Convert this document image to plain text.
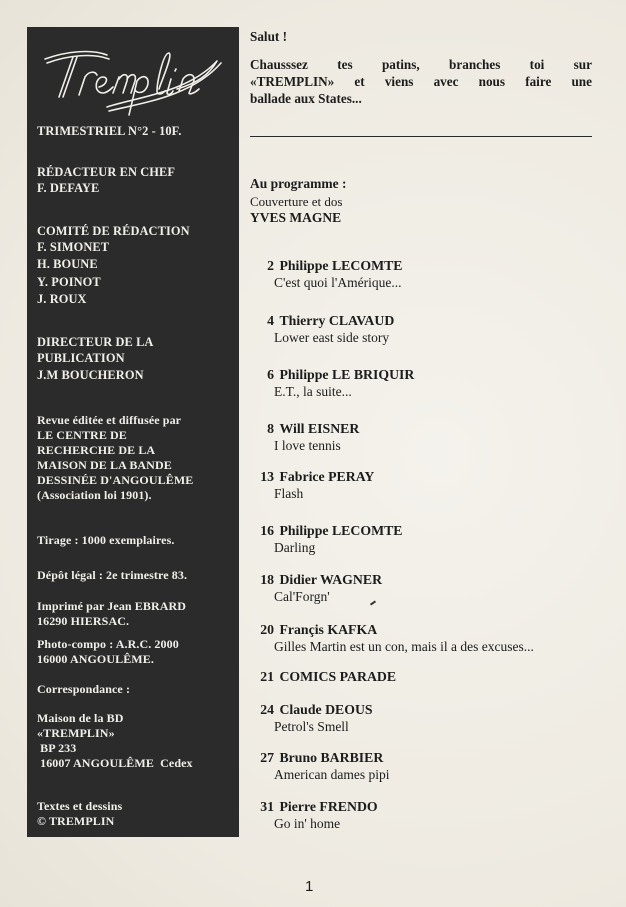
TRIMESTRIEL N°2 - 10F.
RÉDACTEUR EN CHEF
F. DEFAYE
COMITÉ DE RÉDACTION
F. SIMONET
H. BOUNE
Y. POINOT
J. ROUX
DIRECTEUR DE LA
PUBLICATION
J.M BOUCHERON
Revue éditée et diffusée par
LE CENTRE DE
RECHERCHE DE LA
MAISON DE LA BANDE
DESSINÉE D'ANGOULÊME
(Association loi 1901).
Tirage : 1000 exemplaires.
Dépôt légal : 2e trimestre 83.
Imprimé par Jean EBRARD
16290 HIERSAC.
Photo-compo : A.R.C. 2000
16000 ANGOULÊME.
Correspondance :
Maison de la BD
«TREMPLIN»
BP 233
16007 ANGOULÊME  Cedex
Textes et dessins
© TREMPLIN
Salut !
Chausssez tes patins, branches toi sur
«TREMPLIN» et viens avec nous faire une
ballade aux States...
Au programme :
Couverture et dos
YVES MAGNE
2 Philippe LECOMTE
C'est quoi l'Amérique...
4 Thierry CLAVAUD
Lower east side story
6 Philippe LE BRIQUIR
E.T., la suite...
8 Will EISNER
I love tennis
13 Fabrice PERAY
Flash
16 Philippe LECOMTE
Darling
18 Didier WAGNER
Cal'Forgn'
20 Françis KAFKA
Gilles Martin est un con, mais il a des excuses...
21 COMICS PARADE
24 Claude DEOUS
Petrol's Smell
27 Bruno BARBIER
American dames pipi
31 Pierre FRENDO
Go in' home
1
